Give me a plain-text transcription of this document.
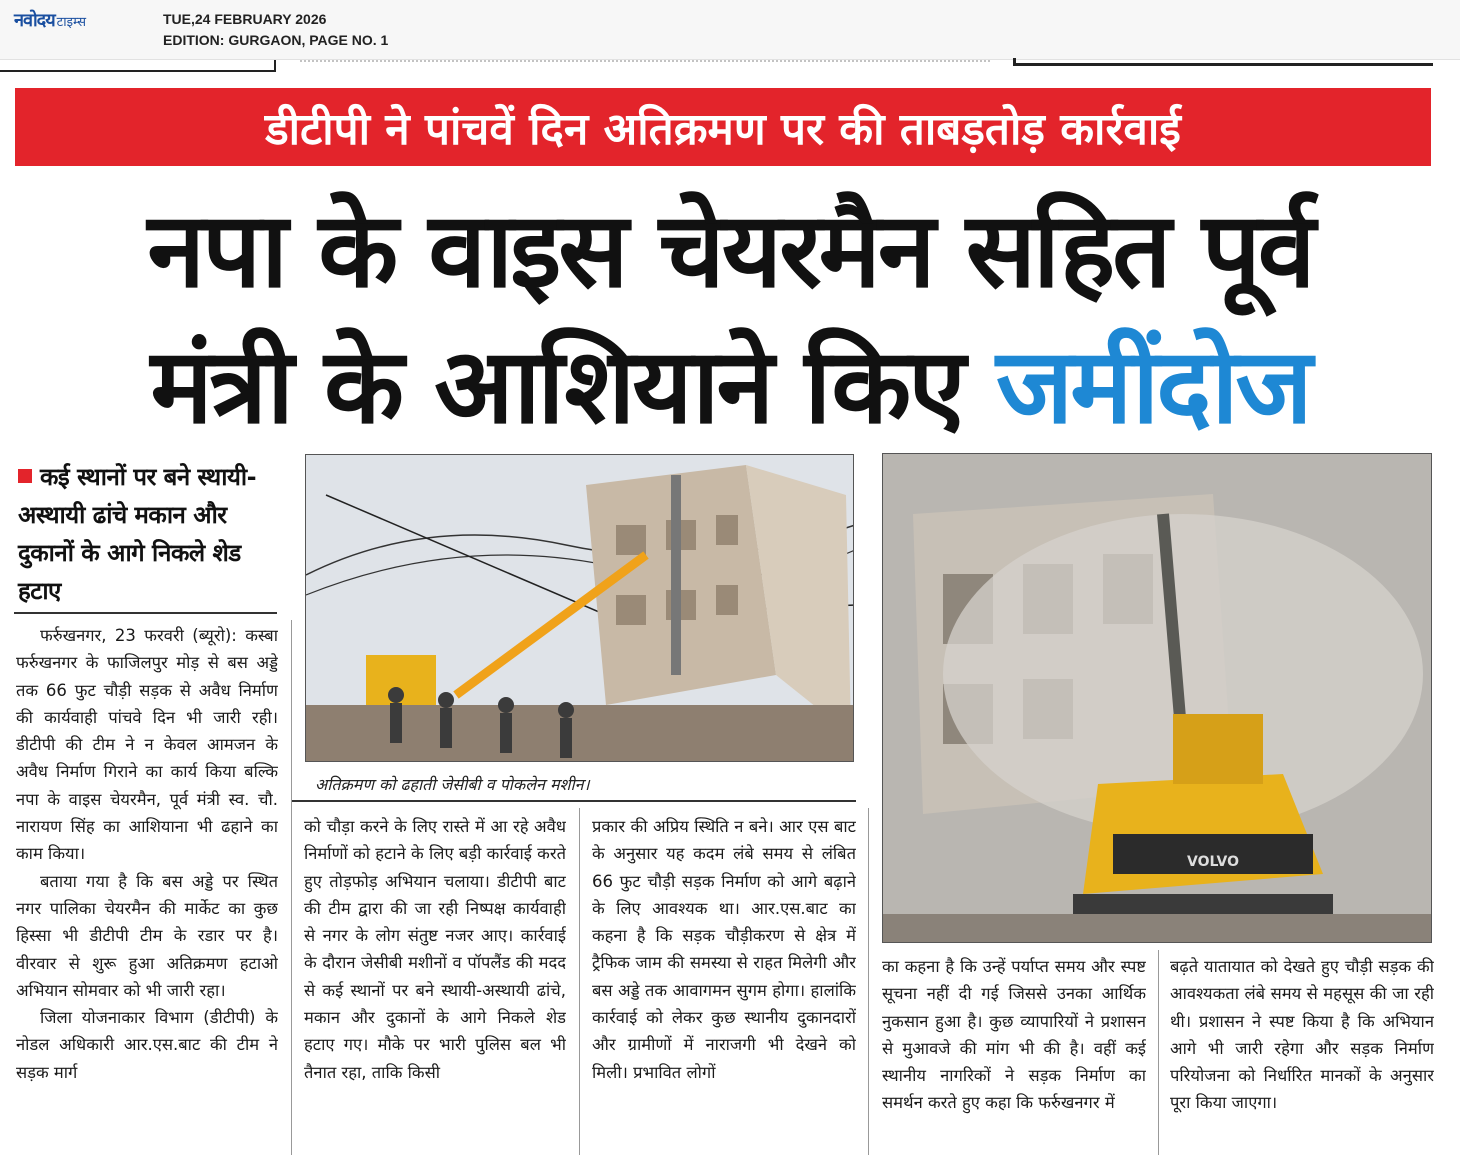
नवोदय टाइम्स	TUE,24 FEBRUARY 2026
EDITION: GURGAON, PAGE NO. 1
डीटीपी ने पांचवें दिन अतिक्रमण पर की ताबड़तोड़ कार्रवाई
नपा के वाइस चेयरमैन सहित पूर्व
मंत्री के आशियाने किए जमींदोज
कई स्थानों पर बने स्थायी-अस्थायी ढांचे मकान और दुकानों के आगे निकले शेड हटाए

फर्रुखनगर, 23 फरवरी (ब्यूरो): कस्बा फर्रुखनगर के फाजिलपुर मोड़ से बस अड्डे तक 66 फुट चौड़ी सड़क से अवैध निर्माण की कार्यवाही पांचवे दिन भी जारी रही। डीटीपी की टीम ने न केवल आमजन के अवैध निर्माण गिराने का कार्य किया बल्कि नपा के वाइस चेयरमैन, पूर्व मंत्री स्व. चौ. नारायण सिंह का आशियाना भी ढहाने का काम किया।

बताया गया है कि बस अड्डे पर स्थित नगर पालिका चेयरमैन की मार्केट का कुछ हिस्सा भी डीटीपी टीम के रडार पर है। वीरवार से शुरू हुआ अतिक्रमण हटाओ अभियान सोमवार को भी जारी रहा।

जिला योजनाकार विभाग (डीटीपी) के नोडल अधिकारी आर.एस.बाट की टीम ने सड़क मार्ग

अतिक्रमण को ढहाती जेसीबी व पोकलेन मशीन।
VOLVO

को चौड़ा करने के लिए रास्ते में आ रहे अवैध निर्माणों को हटाने के लिए बड़ी कार्रवाई करते हुए तोड़फोड़ अभियान चलाया। डीटीपी बाट की टीम द्वारा की जा रही निष्पक्ष कार्यवाही से नगर के लोग संतुष्ट नजर आए। कार्रवाई के दौरान जेसीबी मशीनों व पॉपलैंड की मदद से कई स्थानों पर बने स्थायी-अस्थायी ढांचे, मकान और दुकानों के आगे निकले शेड हटाए गए। मौके पर भारी पुलिस बल भी तैनात रहा, ताकि किसी

प्रकार की अप्रिय स्थिति न बने। आर एस बाट के अनुसार यह कदम लंबे समय से लंबित 66 फुट चौड़ी सड़क निर्माण को आगे बढ़ाने के लिए आवश्यक था। आर.एस.बाट का कहना है कि सड़क चौड़ीकरण से क्षेत्र में ट्रैफिक जाम की समस्या से राहत मिलेगी और बस अड्डे तक आवागमन सुगम होगा। हालांकि कार्रवाई को लेकर कुछ स्थानीय दुकानदारों और ग्रामीणों में नाराजगी भी देखने को मिली। प्रभावित लोगों

का कहना है कि उन्हें पर्याप्त समय और स्पष्ट सूचना नहीं दी गई जिससे उनका आर्थिक नुकसान हुआ है। कुछ व्यापारियों ने प्रशासन से मुआवजे की मांग भी की है। वहीं कई स्थानीय नागरिकों ने सड़क निर्माण का समर्थन करते हुए कहा कि फर्रुखनगर में

बढ़ते यातायात को देखते हुए चौड़ी सड़क की आवश्यकता लंबे समय से महसूस की जा रही थी। प्रशासन ने स्पष्ट किया है कि अभियान आगे भी जारी रहेगा और सड़क निर्माण परियोजना को निर्धारित मानकों के अनुसार पूरा किया जाएगा।
